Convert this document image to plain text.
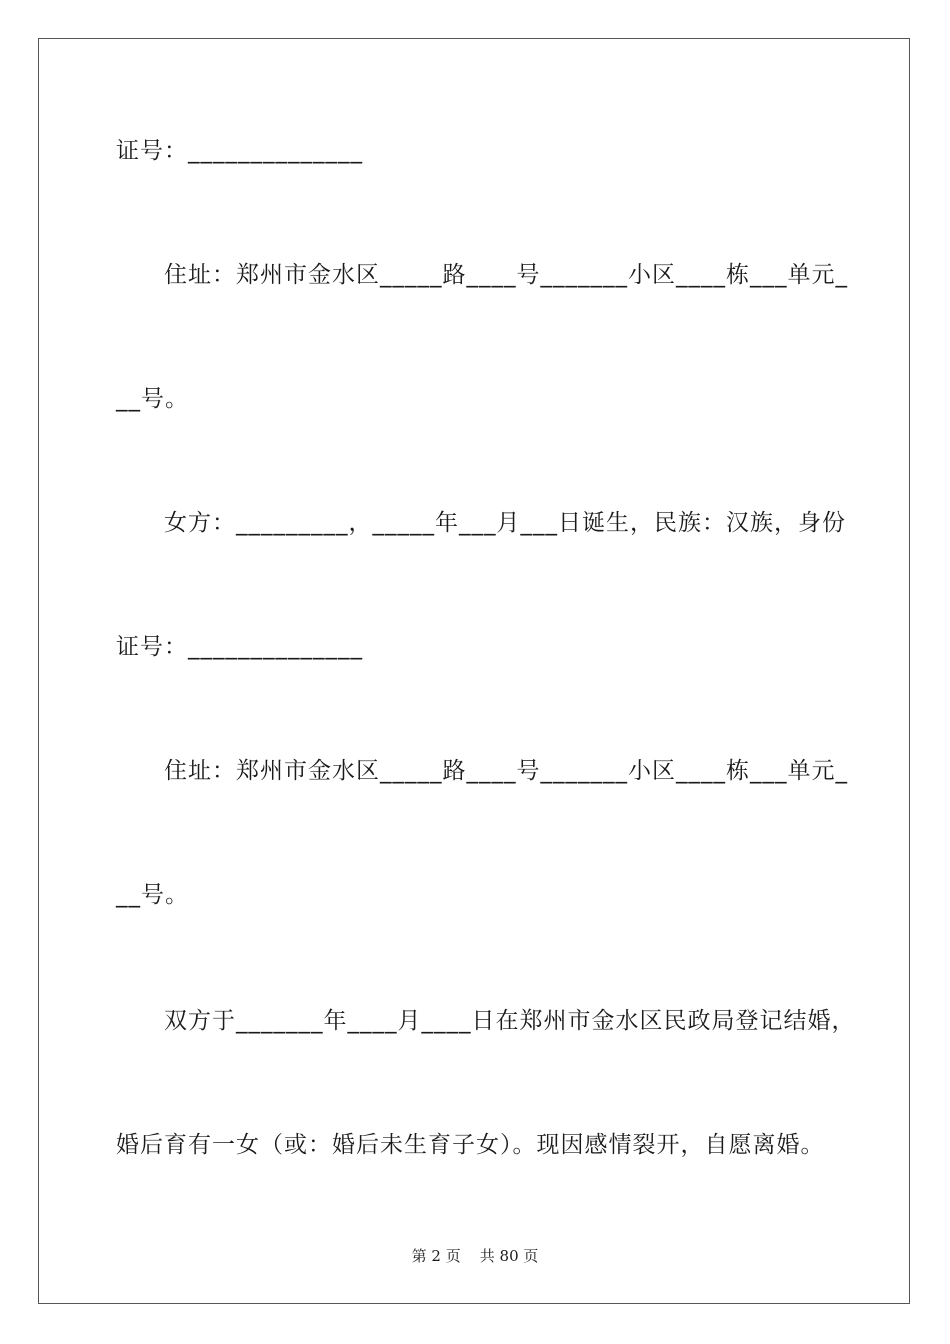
证号：______________
住址：郑州市金水区_____路____号_______小区____栋___单元_
__号。
女方：_________，_____年___月___日诞生，民族：汉族，身份
证号：______________
住址：郑州市金水区_____路____号_______小区____栋___单元_
__号。
双方于_______年____月____日在郑州市金水区民政局登记结婚，
婚后育有一女（或：婚后未生育子女）。现因感情裂开，自愿离婚。
第 2 页    共 80 页
